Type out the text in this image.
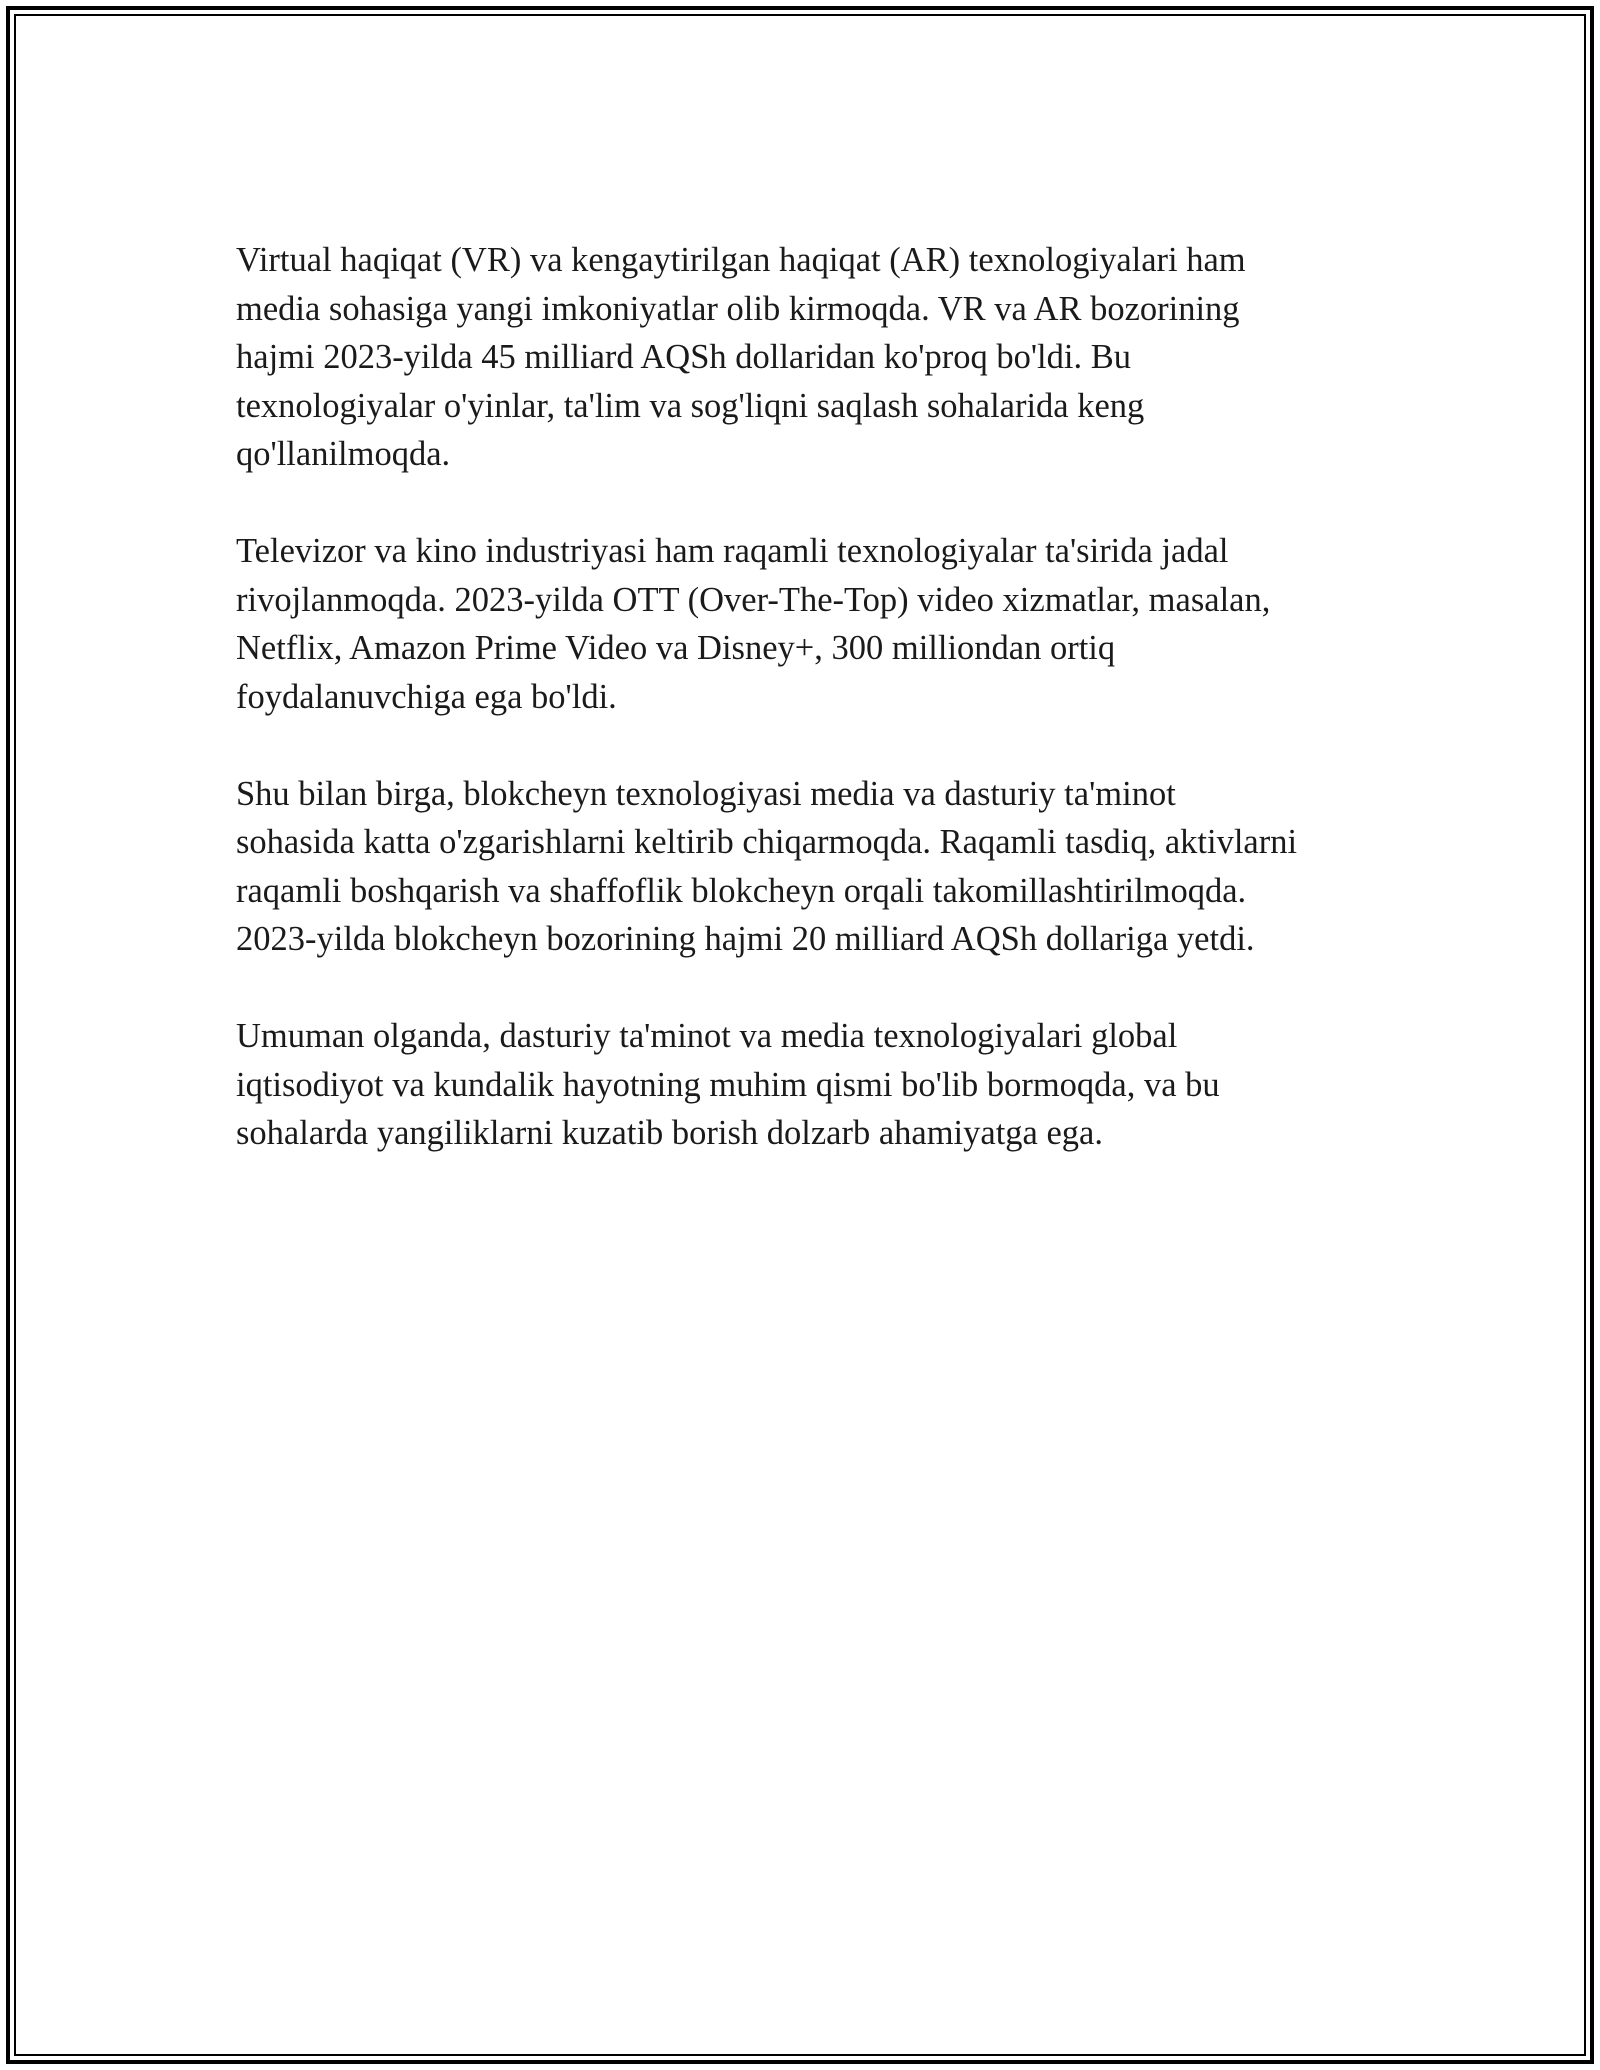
Virtual haqiqat (VR) va kengaytirilgan haqiqat (AR) texnologiyalari ham
media sohasiga yangi imkoniyatlar olib kirmoqda. VR va AR bozorining
hajmi 2023-yilda 45 milliard AQSh dollaridan ko'proq bo'ldi. Bu
texnologiyalar o'yinlar, ta'lim va sog'liqni saqlash sohalarida keng
qo'llanilmoqda.

Televizor va kino industriyasi ham raqamli texnologiyalar ta'sirida jadal
rivojlanmoqda. 2023-yilda OTT (Over-The-Top) video xizmatlar, masalan,
Netflix, Amazon Prime Video va Disney+, 300 milliondan ortiq
foydalanuvchiga ega bo'ldi.

Shu bilan birga, blokcheyn texnologiyasi media va dasturiy ta'minot
sohasida katta o'zgarishlarni keltirib chiqarmoqda. Raqamli tasdiq, aktivlarni
raqamli boshqarish va shaffoflik blokcheyn orqali takomillashtirilmoqda.
2023-yilda blokcheyn bozorining hajmi 20 milliard AQSh dollariga yetdi.

Umuman olganda, dasturiy ta'minot va media texnologiyalari global
iqtisodiyot va kundalik hayotning muhim qismi bo'lib bormoqda, va bu
sohalarda yangiliklarni kuzatib borish dolzarb ahamiyatga ega.
